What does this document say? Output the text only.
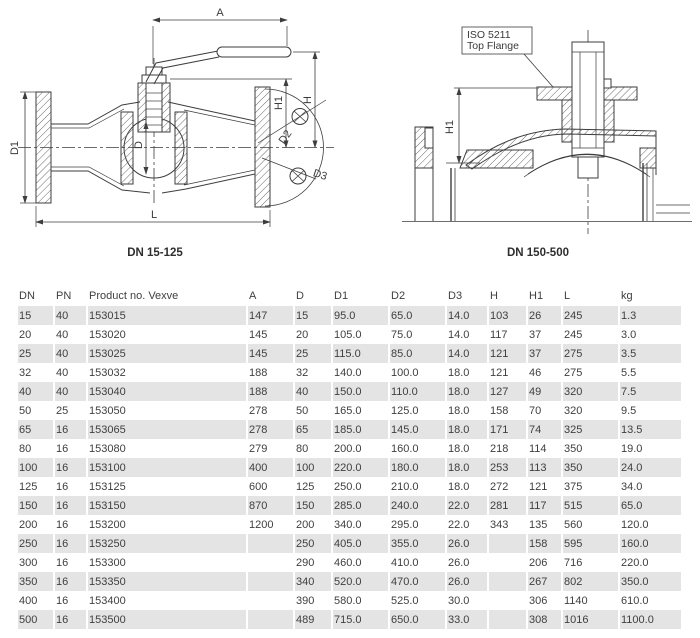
A
H1 H
D1	D	D2
D3
L
DN 15-125
ISO 5211
Top Flange
H1
DN 150-500
DN	PN	Product no. Vexve	A	D	D1	D2	D3	H	H1	L	kg
15	40	153015	147	15	95.0	65.0	14.0	103	26	245	1.3
20	40	153020	145	20	105.0	75.0	14.0	117	37	245	3.0
25	40	153025	145	25	115.0	85.0	14.0	121	37	275	3.5
32	40	153032	188	32	140.0	100.0	18.0	121	46	275	5.5
40	40	153040	188	40	150.0	110.0	18.0	127	49	320	7.5
50	25	153050	278	50	165.0	125.0	18.0	158	70	320	9.5
65	16	153065	278	65	185.0	145.0	18.0	171	74	325	13.5
80	16	153080	279	80	200.0	160.0	18.0	218	114	350	19.0
100	16	153100	400	100	220.0	180.0	18.0	253	113	350	24.0
125	16	153125	600	125	250.0	210.0	18.0	272	121	375	34.0
150	16	153150	870	150	285.0	240.0	22.0	281	117	515	65.0
200	16	153200	1200	200	340.0	295.0	22.0	343	135	560	120.0
250	16	153250		250	405.0	355.0	26.0		158	595	160.0
300	16	153300		290	460.0	410.0	26.0		206	716	220.0
350	16	153350		340	520.0	470.0	26.0		267	802	350.0
400	16	153400		390	580.0	525.0	30.0		306	1140	610.0
500	16	153500		489	715.0	650.0	33.0		308	1016	1100.0
